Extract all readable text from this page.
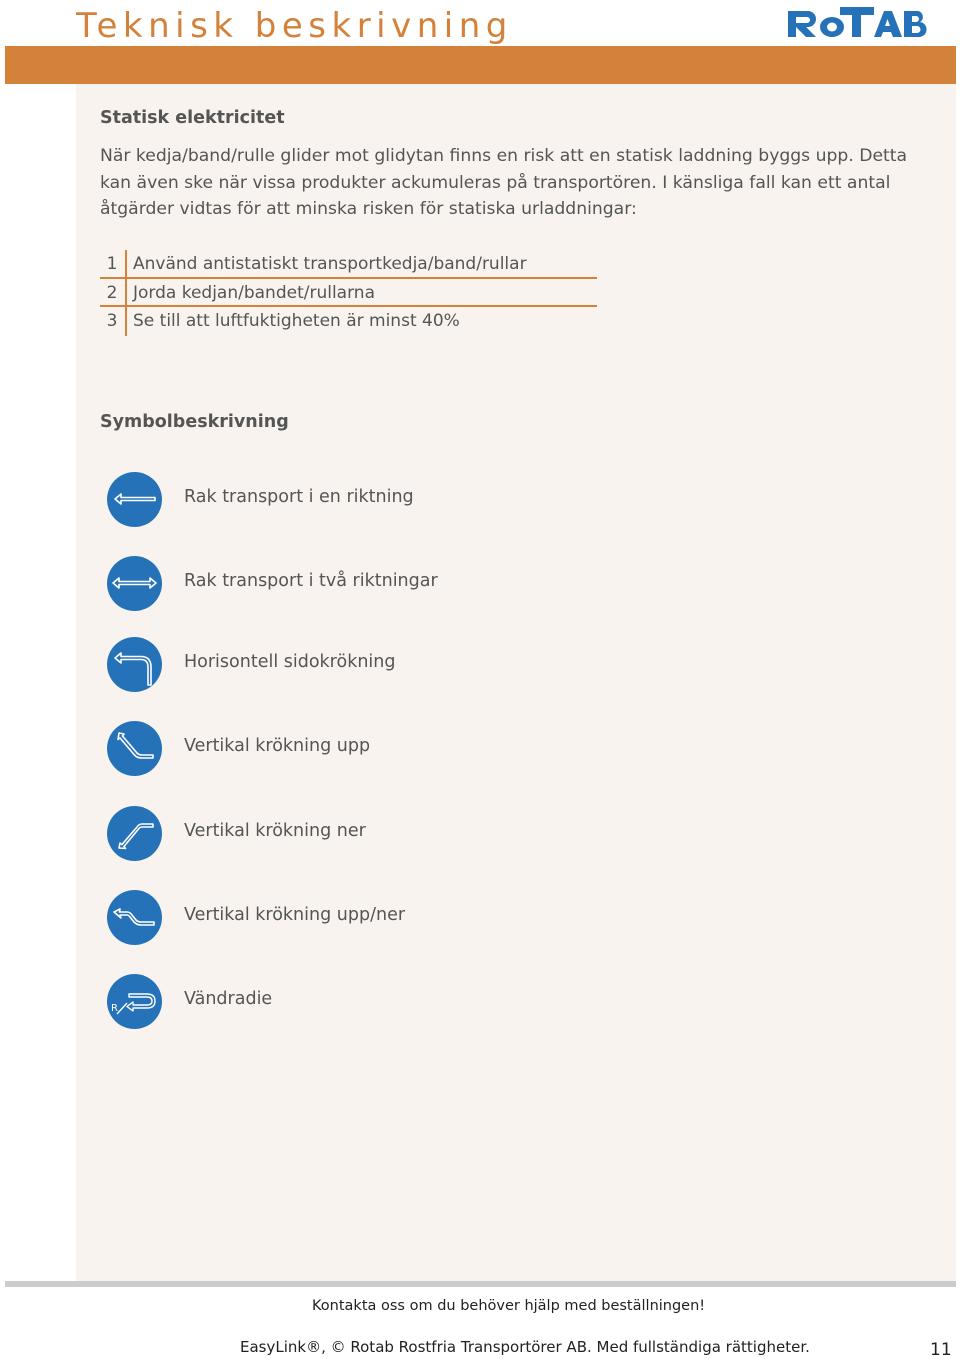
Teknisk beskrivning
ROTAB
Statisk elektricitet
När kedja/band/rulle glider mot glidytan finns en risk att en statisk laddning byggs upp. Detta kan även ske när vissa produkter ackumuleras på transportören. I känsliga fall kan ett antal åtgärder vidtas för att minska risken för statiska urladdningar:
1 Använd antistatiskt transportkedja/band/rullar
2 Jorda kedjan/bandet/rullarna
3 Se till att luftfuktigheten är minst 40%
Symbolbeskrivning
Rak transport i en riktning
Rak transport i två riktningar
Horisontell sidokrökning
Vertikal krökning upp
Vertikal krökning ner
Vertikal krökning upp/ner
R	Vändradie
Kontakta oss om du behöver hjälp med beställningen!
EasyLink®, © Rotab Rostfria Transportörer AB. Med fullständiga rättigheter.	11
